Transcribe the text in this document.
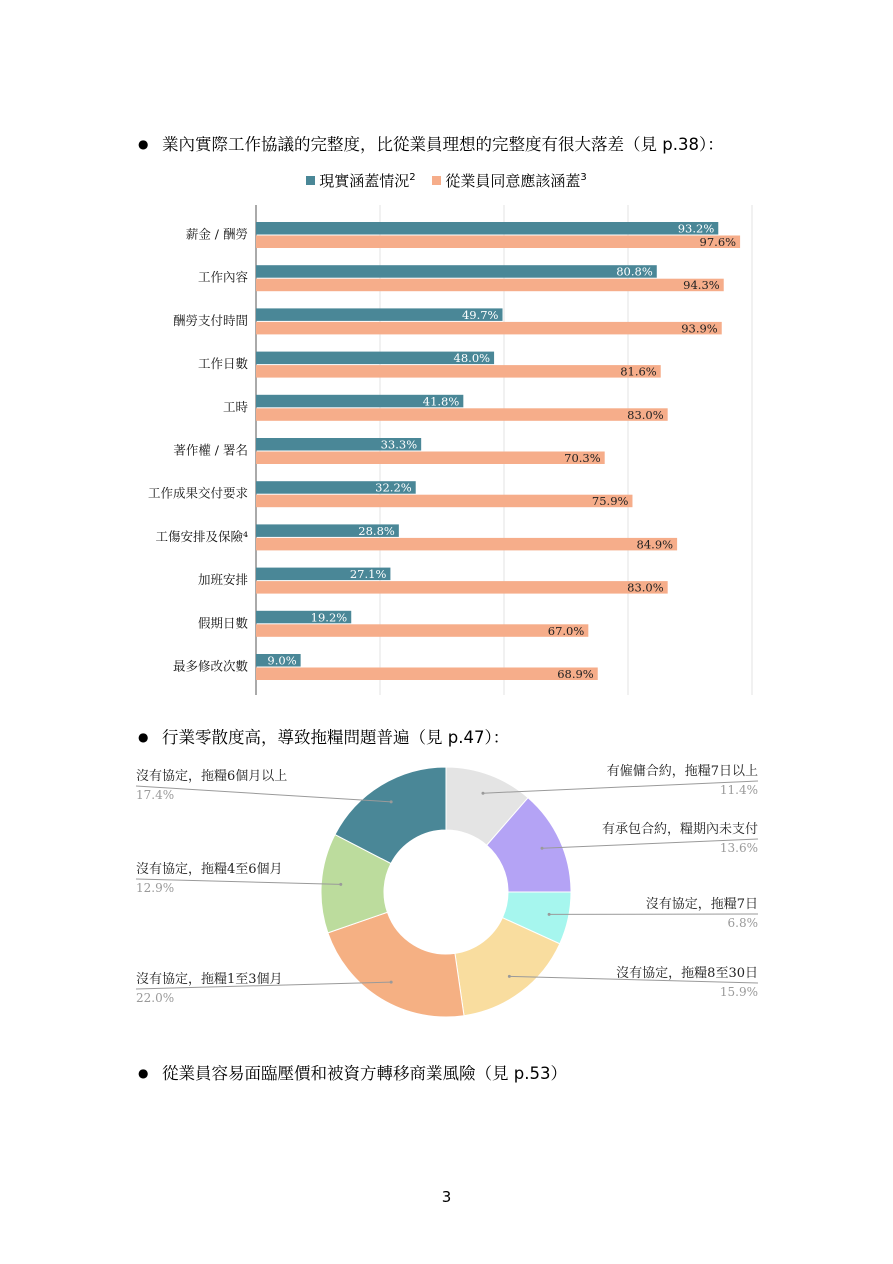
● 業內實際工作協議的完整度，比從業員理想的完整度有很大落差（見 p.38）：
現實涵蓋情況$^2$ 從業員同意應該涵蓋$^3$
薪金 / 酬勞	93.2%
97.6%
工作內容	80.8%
94.3%
酬勞支付時間	49.7%
93.9%
工作日數	48.0%
81.6%
工時	41.8%
83.0%
著作權 / 署名	33.3%
70.3%
工作成果交付要求	32.2%
75.9%
工傷安排及保險⁴	28.8%
84.9%
加班安排	27.1%
83.0%
假期日數	19.2%
67.0%
最多修改次數 9.0%
68.9%
● 行業零散度高，導致拖糧問題普遍（見 p.47）：
有僱傭合約，拖糧7日以上
11.4%
有承包合約，糧期內未支付
13.6%
沒有協定，拖糧7日
6.8%
沒有協定，拖糧8至30日
15.9%
沒有協定，拖糧1至3個月
22.0%
沒有協定，拖糧4至6個月
12.9%
沒有協定，拖糧6個月以上
17.4%
● 從業員容易面臨壓價和被資方轉移商業風險（見 p.53）
3
